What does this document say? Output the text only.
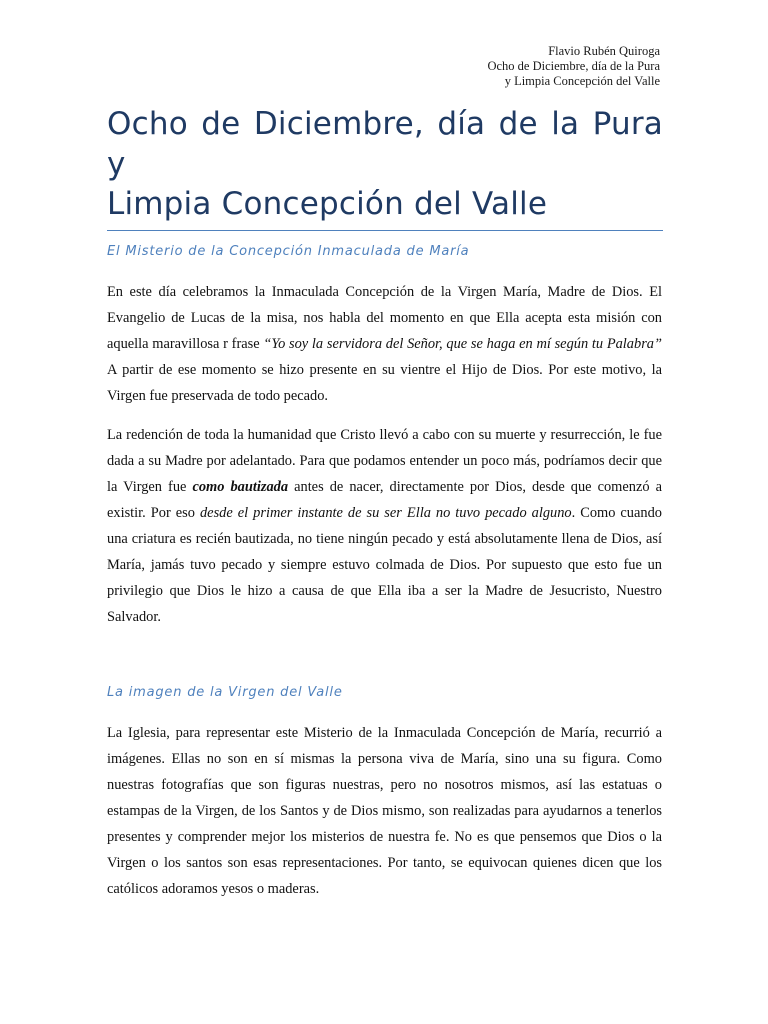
Flavio Rubén Quiroga
Ocho de Diciembre, día de la Pura
y Limpia Concepción del Valle
Ocho de Diciembre, día de la Pura y
Limpia Concepción del Valle
El Misterio de la Concepción Inmaculada de María

En este día celebramos la Inmaculada Concepción de la Virgen María, Madre de Dios. El Evangelio de Lucas de la misa, nos habla del momento en que Ella acepta esta misión con aquella maravillosa r frase “Yo soy la servidora del Señor, que se haga en mí según tu Palabra” A partir de ese momento se hizo presente en su vientre el Hijo de Dios. Por este motivo, la Virgen fue preservada de todo pecado.

La redención de toda la humanidad que Cristo llevó a cabo con su muerte y resurrección, le fue dada a su Madre por adelantado. Para que podamos entender un poco más, podríamos decir que la Virgen fue como bautizada antes de nacer, directamente por Dios, desde que comenzó a existir. Por eso desde el primer instante de su ser Ella no tuvo pecado alguno. Como cuando una criatura es recién bautizada, no tiene ningún pecado y está absolutamente llena de Dios, así María, jamás tuvo pecado y siempre estuvo colmada de Dios. Por supuesto que esto fue un privilegio que Dios le hizo a causa de que Ella iba a ser la Madre de Jesucristo, Nuestro Salvador.

La imagen de la Virgen del Valle

La Iglesia, para representar este Misterio de la Inmaculada Concepción de María, recurrió a imágenes. Ellas no son en sí mismas la persona viva de María, sino una su figura. Como nuestras fotografías que son figuras nuestras, pero no nosotros mismos, así las estatuas o estampas de la Virgen, de los Santos y de Dios mismo, son realizadas para ayudarnos a tenerlos presentes y comprender mejor los misterios de nuestra fe. No es que pensemos que Dios o la Virgen o los santos son esas representaciones. Por tanto, se equivocan quienes dicen que los católicos adoramos yesos o maderas.
